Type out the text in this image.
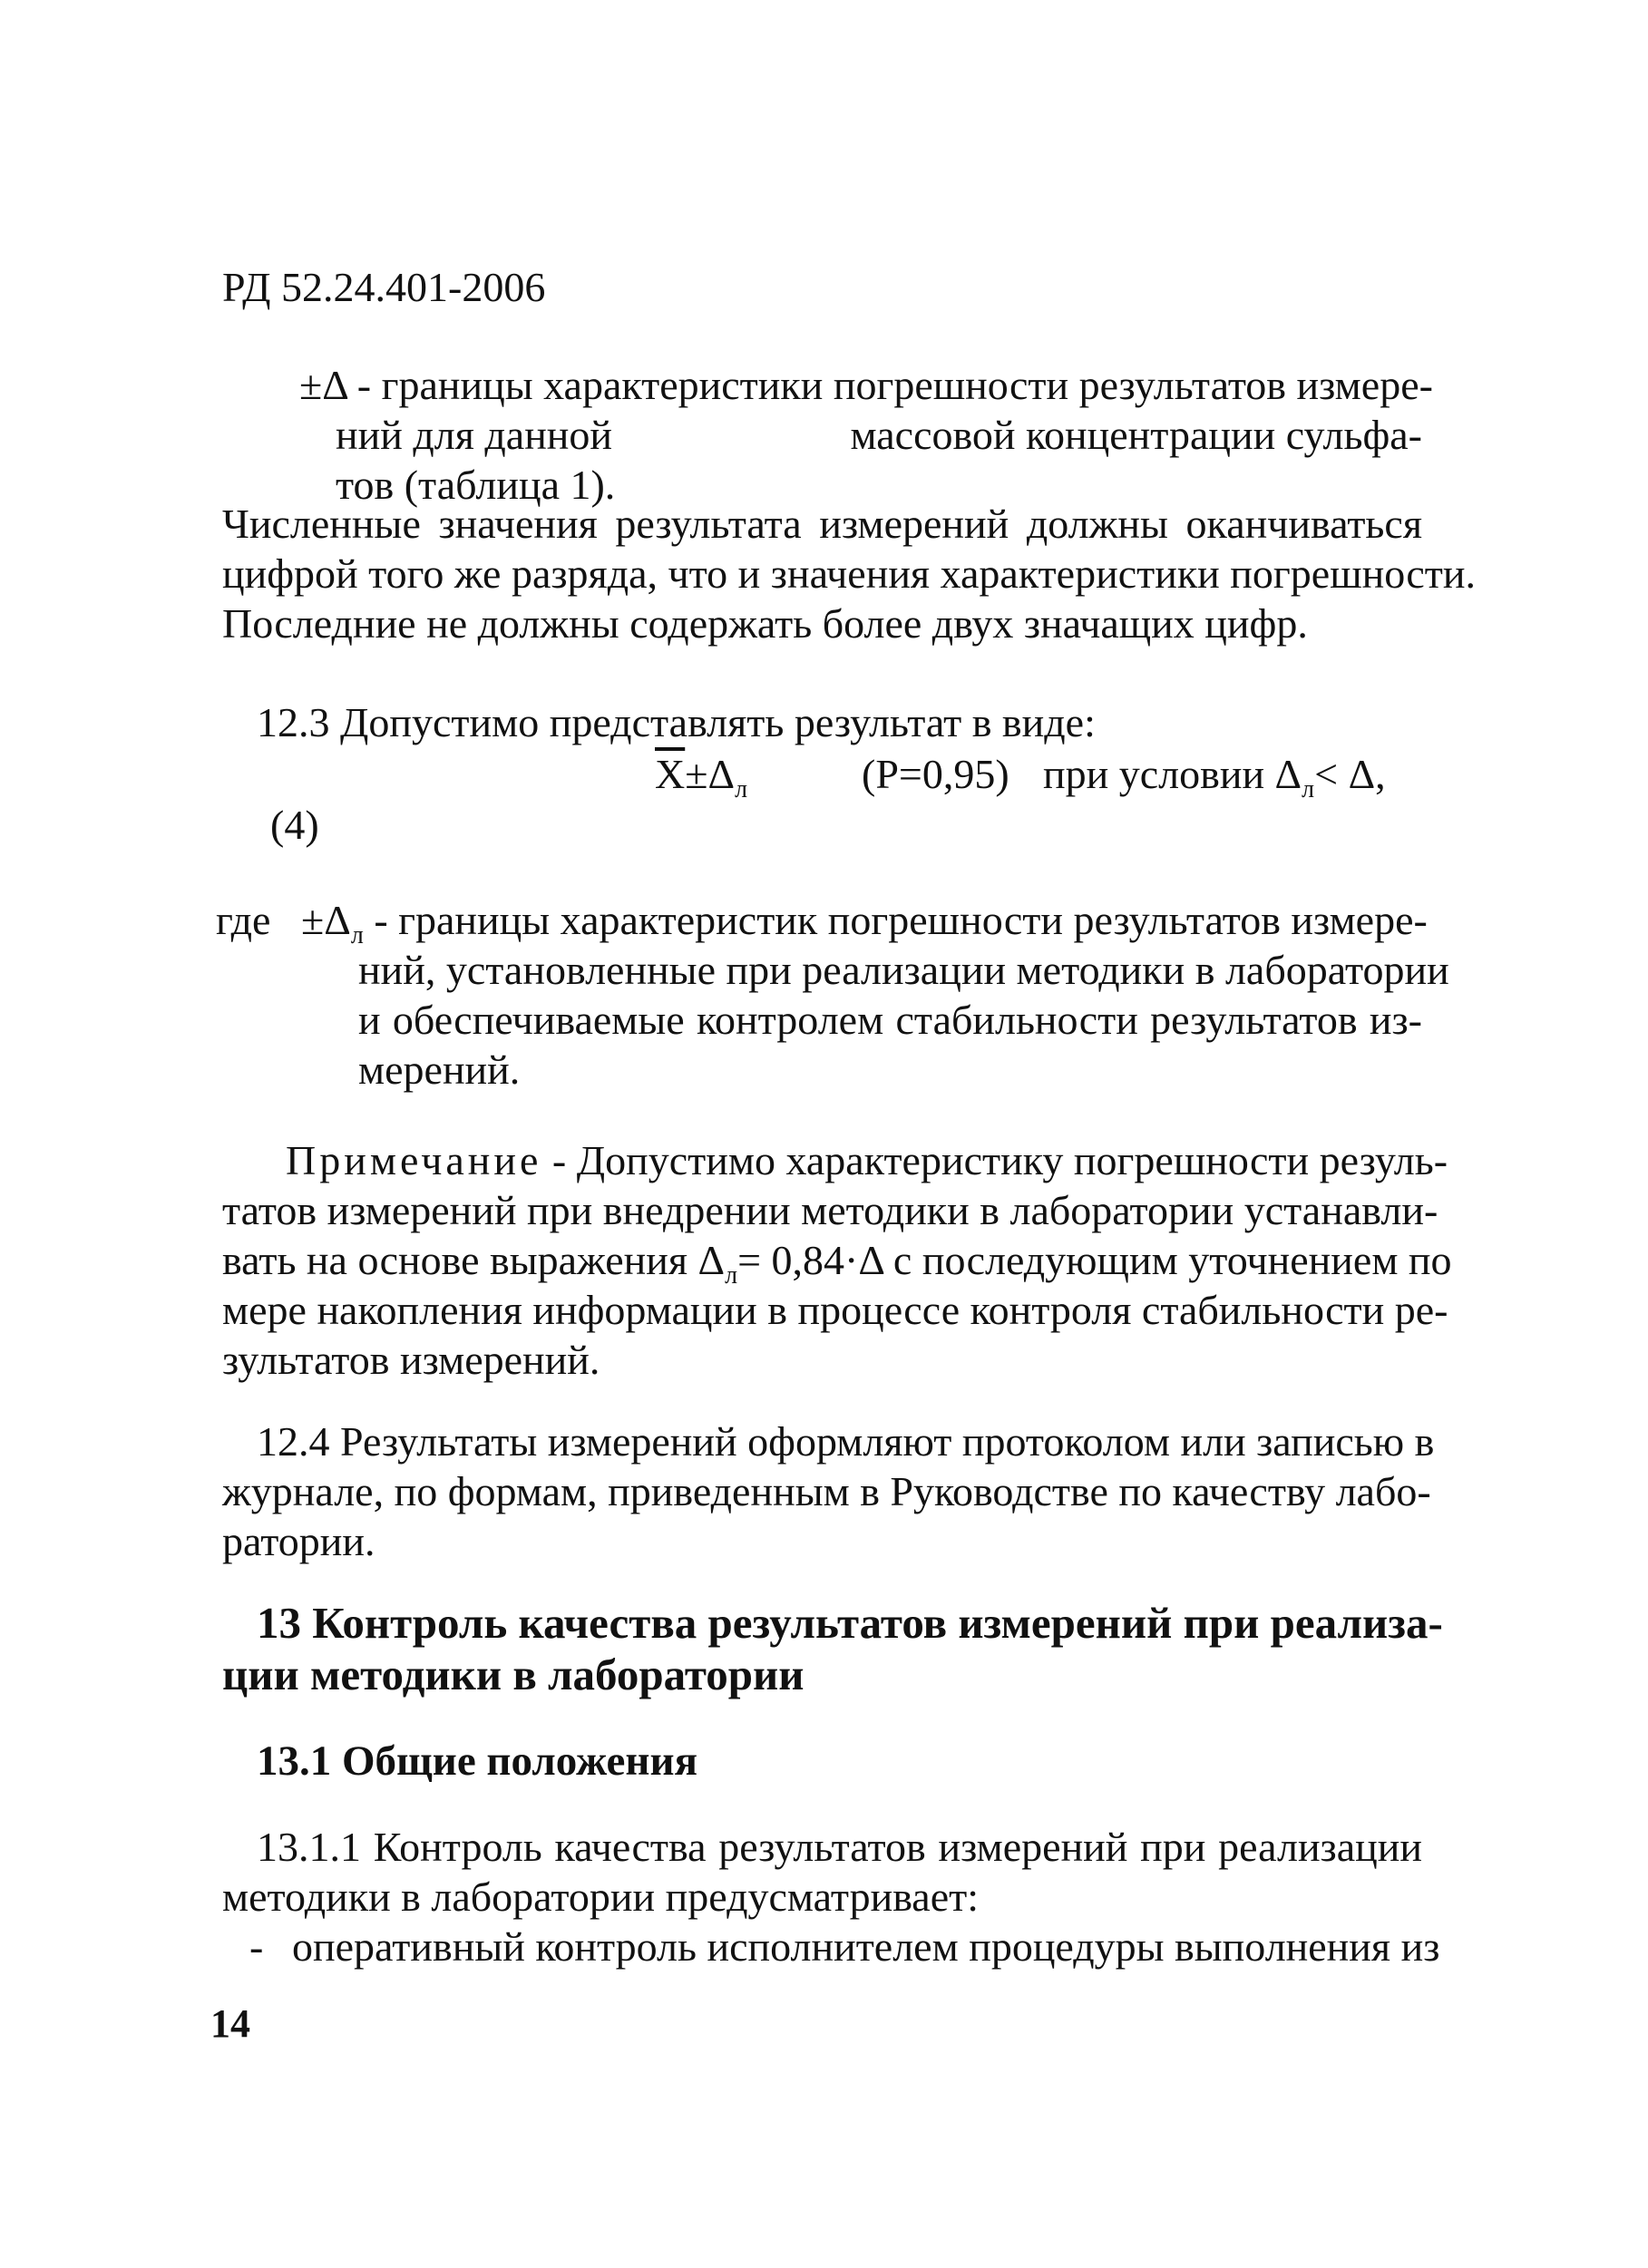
РД 52.24.401-2006
±Δ - границы характеристики погрешности результатов измере-
ний для данной	массовой концентрации сульфа-
тов (таблица 1).
Численные значения результата измерений должны оканчиваться
цифрой того же разряда, что и значения характеристики погрешности.
Последние не должны содержать более двух значащих цифр.
12.3 Допустимо представлять результат в виде:
$\overline{X}\pm\Delta_л$	(P=0,95) при условии $\Delta_л< \Delta$,
(4)
где $\pm\Delta_л$ - границы характеристик погрешности результатов измере-
ний, установленные при реализации методики в лаборатории
и обеспечиваемые контролем стабильности результатов из-
мерений.
Примечание - Допустимо характеристику погрешности резуль-
татов измерений при внедрении методики в лаборатории устанавли-
вать на основе выражения $\Delta_л= 0,84\cdot\Delta$ с последующим уточнением по
мере накопления информации в процессе контроля стабильности ре-
зультатов измерений.
12.4 Результаты измерений оформляют протоколом или записью в
журнале, по формам, приведенным в Руководстве по качеству лабо-
ратории.
13 Контроль качества результатов измерений при реализа-
ции методики в лаборатории
13.1 Общие положения
13.1.1 Контроль качества результатов измерений при реализации
методики в лаборатории предусматривает:
- оперативный контроль исполнителем процедуры выполнения из
14
